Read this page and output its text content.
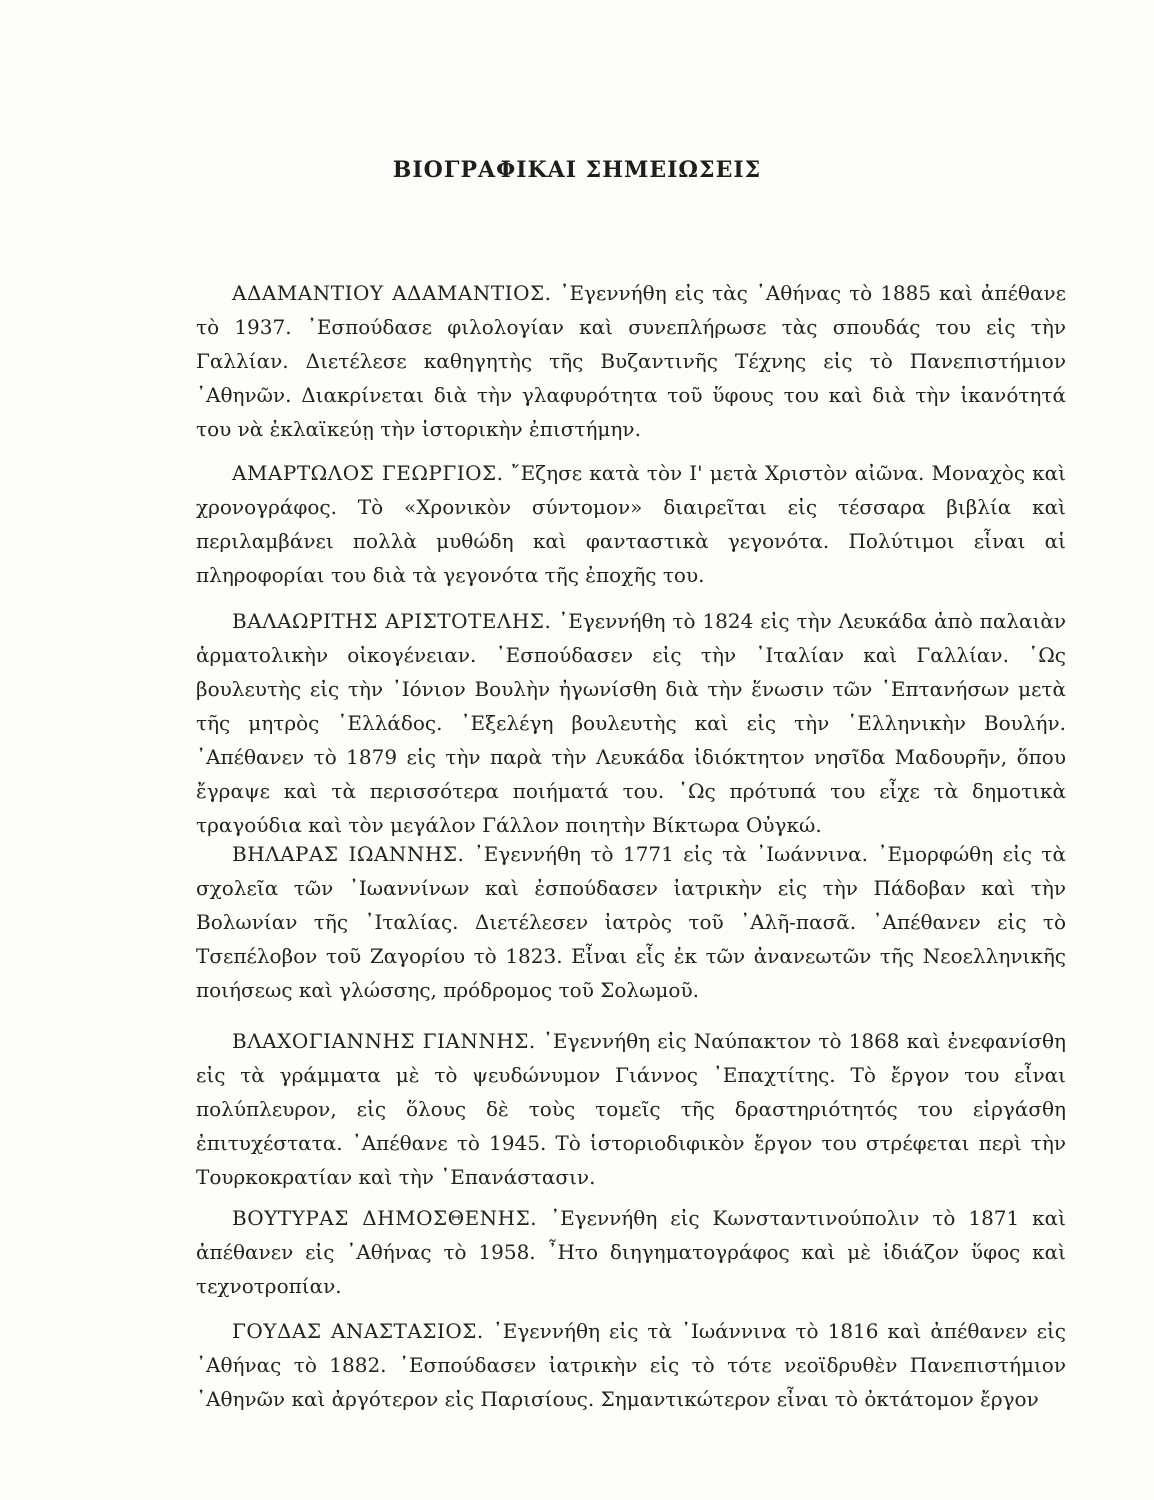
ΒΙΟΓΡΑΦΙΚΑΙ ΣΗΜΕΙΩΣΕΙΣ

ΑΔΑΜΑΝΤΙΟΥ ΑΔΑΜΑΝΤΙΟΣ. ᾿Εγεννήθη εἰς τὰς ᾿Αθήνας τὸ 1885 καὶ ἀπέθανε τὸ 1937. ᾿Εσπούδασε φιλολογίαν καὶ συνεπλήρωσε τὰς σπουδάς του εἰς τὴν Γαλλίαν. Διετέλεσε καθηγητὴς τῆς Βυζαντινῆς Τέχνης εἰς τὸ Πανεπιστήμιον ᾿Αθηνῶν. Διακρίνεται διὰ τὴν γλαφυρότητα τοῦ ὕφους του καὶ διὰ τὴν ἱκανότητά του νὰ ἐκλαϊκεύῃ τὴν ἱστορικὴν ἐπιστήμην.

ΑΜΑΡΤΩΛΟΣ ΓΕΩΡΓΙΟΣ. ῎Εζησε κατὰ τὸν Ι' μετὰ Χριστὸν αἰῶνα. Μοναχὸς καὶ χρονογράφος. Τὸ «Χρονικὸν σύντομον» διαιρεῖται εἰς τέσσαρα βιβλία καὶ περιλαμβάνει πολλὰ μυθώδη καὶ φανταστικὰ γεγονότα. Πολύτιμοι εἶναι αἱ πληροφορίαι του διὰ τὰ γεγονότα τῆς ἐποχῆς του.

ΒΑΛΑΩΡΙΤΗΣ ΑΡΙΣΤΟΤΕΛΗΣ. ᾿Εγεννήθη τὸ 1824 εἰς τὴν Λευκάδα ἀπὸ παλαιὰν ἁρματολικὴν οἰκογένειαν. ᾿Εσπούδασεν εἰς τὴν ᾿Ιταλίαν καὶ Γαλλίαν. ῾Ως βουλευτὴς εἰς τὴν ᾿Ιόνιον Βουλὴν ἠγωνίσθη διὰ τὴν ἕνωσιν τῶν ῾Επτανήσων μετὰ τῆς μητρὸς ῾Ελλάδος. ᾿Εξελέγη βουλευτὴς καὶ εἰς τὴν ῾Ελληνικὴν Βουλήν. ᾿Απέθανεν τὸ 1879 εἰς τὴν παρὰ τὴν Λευκάδα ἰδιόκτητον νησῖδα Μαδουρῆν, ὅπου ἔγραψε καὶ τὰ περισσότερα ποιήματά του. ῾Ως πρότυπά του εἶχε τὰ δημοτικὰ τραγούδια καὶ τὸν μεγάλον Γάλλον ποιητὴν Βίκτωρα Οὐγκώ.

ΒΗΛΑΡΑΣ ΙΩΑΝΝΗΣ. ᾿Εγεννήθη τὸ 1771 εἰς τὰ ᾿Ιωάννινα. ᾿Εμορφώθη εἰς τὰ σχολεῖα τῶν ᾿Ιωαννίνων καὶ ἐσπούδασεν ἰατρικὴν εἰς τὴν Πάδοβαν καὶ τὴν Βολωνίαν τῆς ᾿Ιταλίας. Διετέλεσεν ἰατρὸς τοῦ ᾿Αλῆ-πασᾶ. ᾿Απέθανεν εἰς τὸ Τσεπέλοβον τοῦ Ζαγορίου τὸ 1823. Εἶναι εἷς ἐκ τῶν ἀνανεωτῶν τῆς Νεοελληνικῆς ποιήσεως καὶ γλώσσης, πρόδρομος τοῦ Σολωμοῦ.

ΒΛΑΧΟΓΙΑΝΝΗΣ ΓΙΑΝΝΗΣ. ᾿Εγεννήθη εἰς Ναύπακτον τὸ 1868 καὶ ἐνεφανίσθη εἰς τὰ γράμματα μὲ τὸ ψευδώνυμον Γιάννος ᾿Επαχτίτης. Τὸ ἔργον του εἶναι πολύπλευρον, εἰς ὅλους δὲ τοὺς τομεῖς τῆς δραστηριότητός του εἰργάσθη ἐπιτυχέστατα. ᾿Απέθανε τὸ 1945. Τὸ ἱστοριοδιφικὸν ἔργον του στρέφεται περὶ τὴν Τουρκοκρατίαν καὶ τὴν ᾿Επανάστασιν.

ΒΟΥΤΥΡΑΣ ΔΗΜΟΣΘΕΝΗΣ. ᾿Εγεννήθη εἰς Κωνσταντινούπολιν τὸ 1871 καὶ ἀπέθανεν εἰς ᾿Αθήνας τὸ 1958. ῏Ητο διηγηματογράφος καὶ μὲ ἰδιάζον ὕφος καὶ τεχνοτροπίαν.

ΓΟΥΔΑΣ ΑΝΑΣΤΑΣΙΟΣ. ᾿Εγεννήθη εἰς τὰ ᾿Ιωάννινα τὸ 1816 καὶ ἀπέθανεν εἰς ᾿Αθήνας τὸ 1882. ᾿Εσπούδασεν ἰατρικὴν εἰς τὸ τότε νεοϊδρυθὲν Πανεπιστήμιον ᾿Αθηνῶν καὶ ἀργότερον εἰς Παρισίους. Σημαντικώτερον εἶναι τὸ ὀκτάτομον ἔργον
